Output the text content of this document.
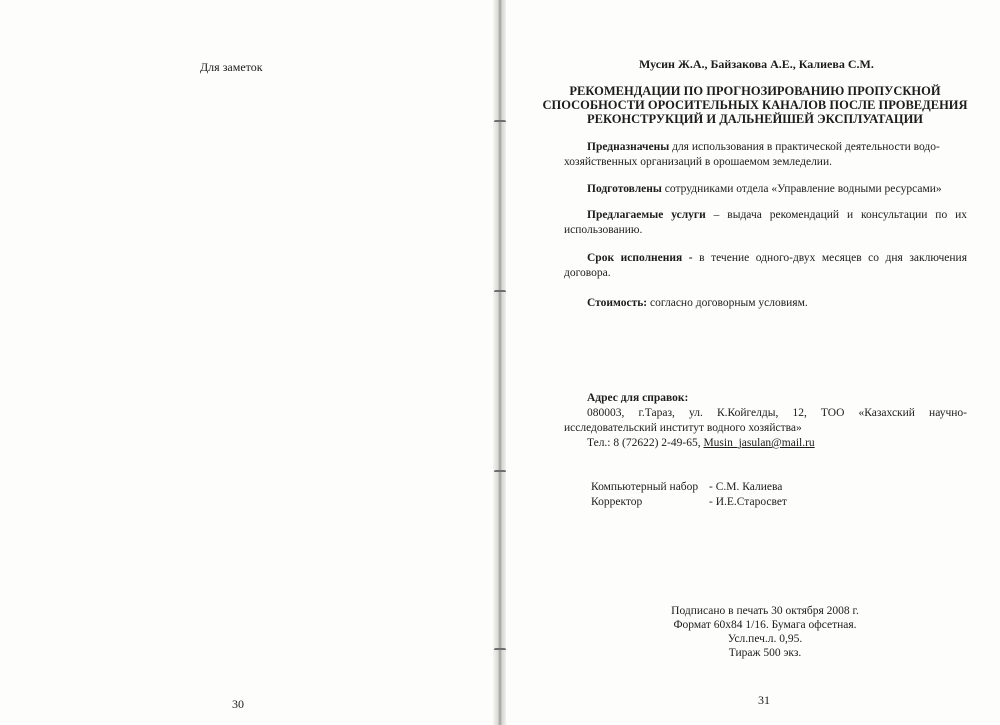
Для заметок
30
Мусин Ж.А., Байзакова А.Е., Калиева С.М.
РЕКОМЕНДАЦИИ ПО ПРОГНОЗИРОВАНИЮ ПРОПУСКНОЙ СПОСОБНОСТИ ОРОСИТЕЛЬНЫХ КАНАЛОВ ПОСЛЕ ПРОВЕДЕНИЯ РЕКОНСТРУКЦИЙ И ДАЛЬНЕЙШЕЙ ЭКСПЛУАТАЦИИ
Предназначены для использования в практической деятельности водо-
хозяйственных организаций в орошаемом земледелии.
Подготовлены сотрудниками отдела «Управление водными ресурсами»
Предлагаемые услуги – выдача рекомендаций и консультации по их использованию.
Срок исполнения - в течение одного-двух месяцев со дня заключения договора.
Стоимость: согласно договорным условиям.
Адрес для справок:
080003, г.Тараз, ул. К.Койгелды, 12, ТОО «Казахский научно-исследовательский институт водного хозяйства»
Тел.: 8 (72622) 2-49-65, Musin_jasulan@mail.ru
Компьютерный набор	- С.М. Калиева
Корректор	- И.Е.Старосвет
Подписано в печать 30 октября 2008 г.
Формат 60х84 1/16. Бумага офсетная.
Усл.печ.л. 0,95.
Тираж 500 экз.
31
